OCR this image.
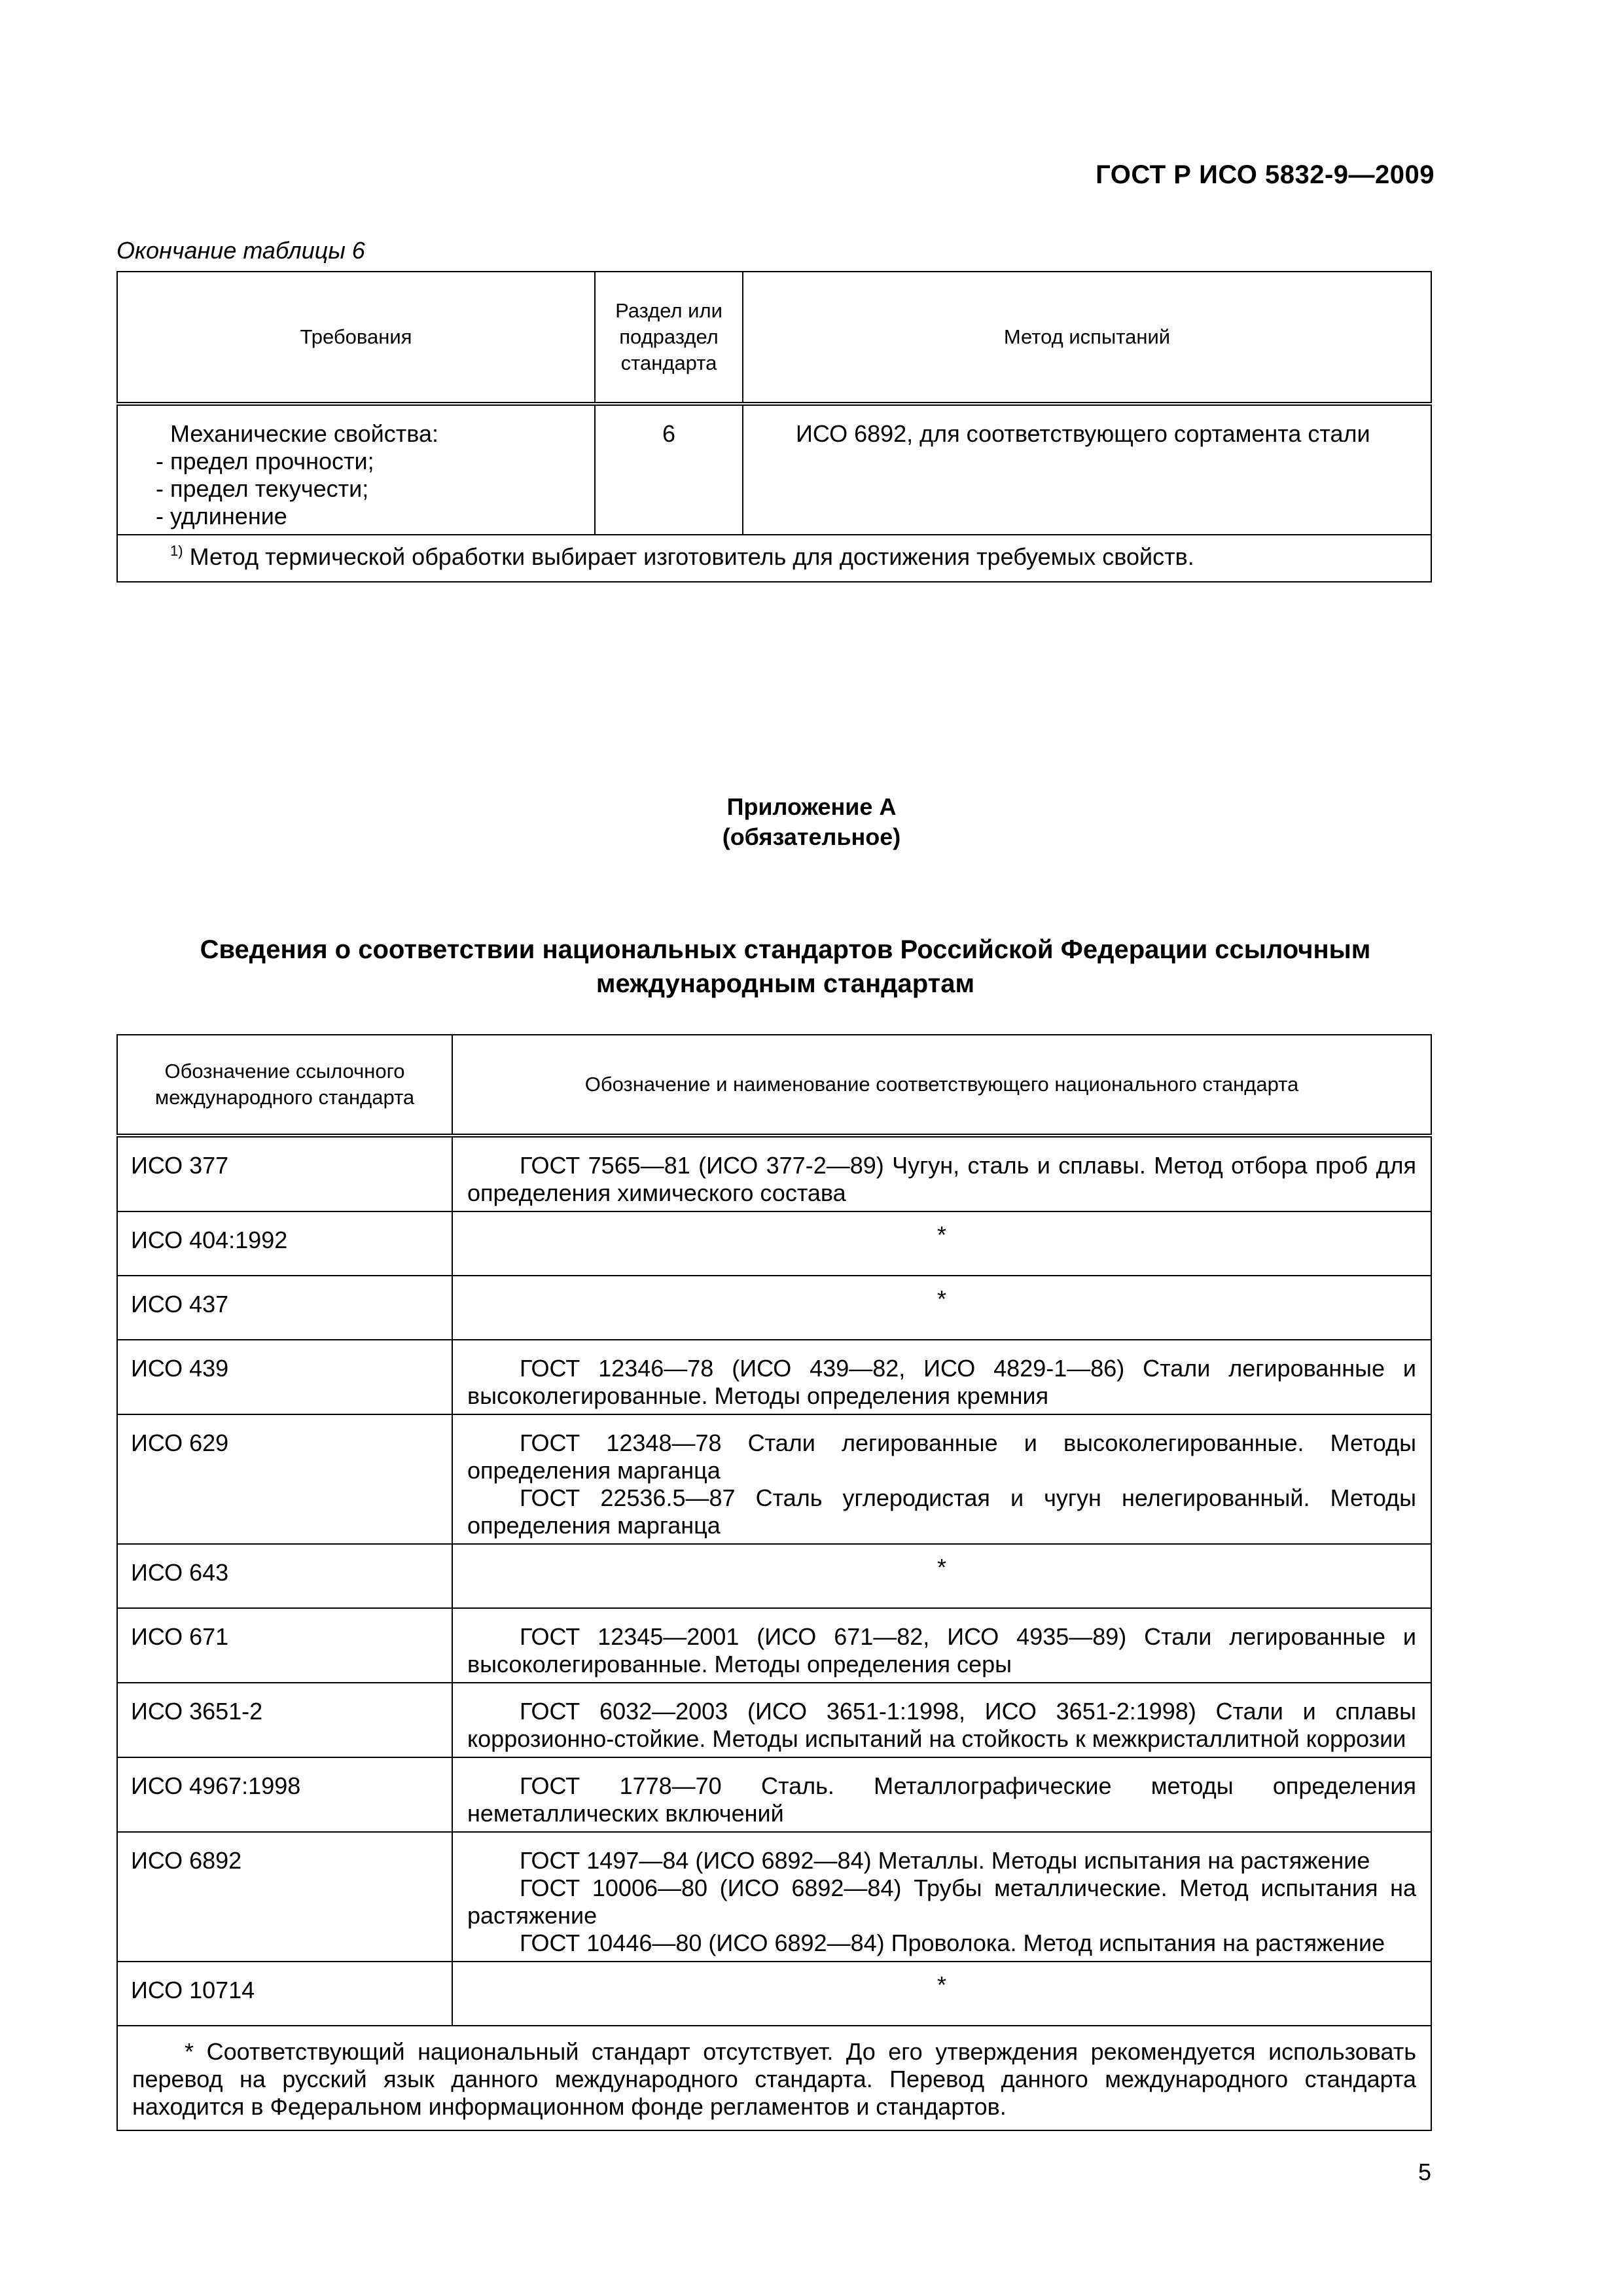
ГОСТ Р ИСО 5832-9—2009
Окончание таблицы 6
Требования	Раздел или подраздел стандарта	Метод испытаний

Механические свойства:
- предел прочности;
- предел текучести;
- удлинение	6	ИСО 6892, для соответствующего сортамента стали
$^{1)}$ Метод термической обработки выбирает изготовитель для достижения требуемых свойств.		
Приложение А
(обязательное)
Сведения о соответствии национальных стандартов Российской Федерации ссылочным международным стандартам
Обозначение ссылочного международного стандарта	Обозначение и наименование соответствующего национального стандарта
ИСО 377	ГОСТ 7565—81 (ИСО 377-2—89) Чугун, сталь и сплавы. Метод отбора проб для определения химического состава

ИСО 404:1992	*
ИСО 437	*
ИСО 439	ГОСТ 12346—78 (ИСО 439—82, ИСО 4829-1—86) Стали легированные и высоколегированные. Методы определения кремния

ИСО 629	ГОСТ 12348—78 Стали легированные и высоколегированные. Методы определения марганца
ГОСТ 22536.5—87 Сталь углеродистая и чугун нелегированный. Методы определения марганца

ИСО 643	*
ИСО 671	ГОСТ 12345—2001 (ИСО 671—82, ИСО 4935—89) Стали легированные и высоколегированные. Методы определения серы

ИСО 3651-2	ГОСТ 6032—2003 (ИСО 3651-1:1998, ИСО 3651-2:1998) Стали и сплавы коррозионно-стойкие. Методы испытаний на стойкость к межкристаллитной коррозии

ИСО 4967:1998	ГОСТ 1778—70 Сталь. Металлографические методы определения неметаллических включений

ИСО 6892	ГОСТ 1497—84 (ИСО 6892—84) Металлы. Методы испытания на растяжение
ГОСТ 10006—80 (ИСО 6892—84) Трубы металлические. Метод испытания на растяжение
ГОСТ 10446—80 (ИСО 6892—84) Проволока. Метод испытания на растяжение

ИСО 10714	*

* Соответствующий национальный стандарт отсутствует. До его утверждения рекомендуется использовать перевод на русский язык данного международного стандарта. Перевод данного международного стандарта находится в Федеральном информационном фонде регламентов и стандартов.	
5
